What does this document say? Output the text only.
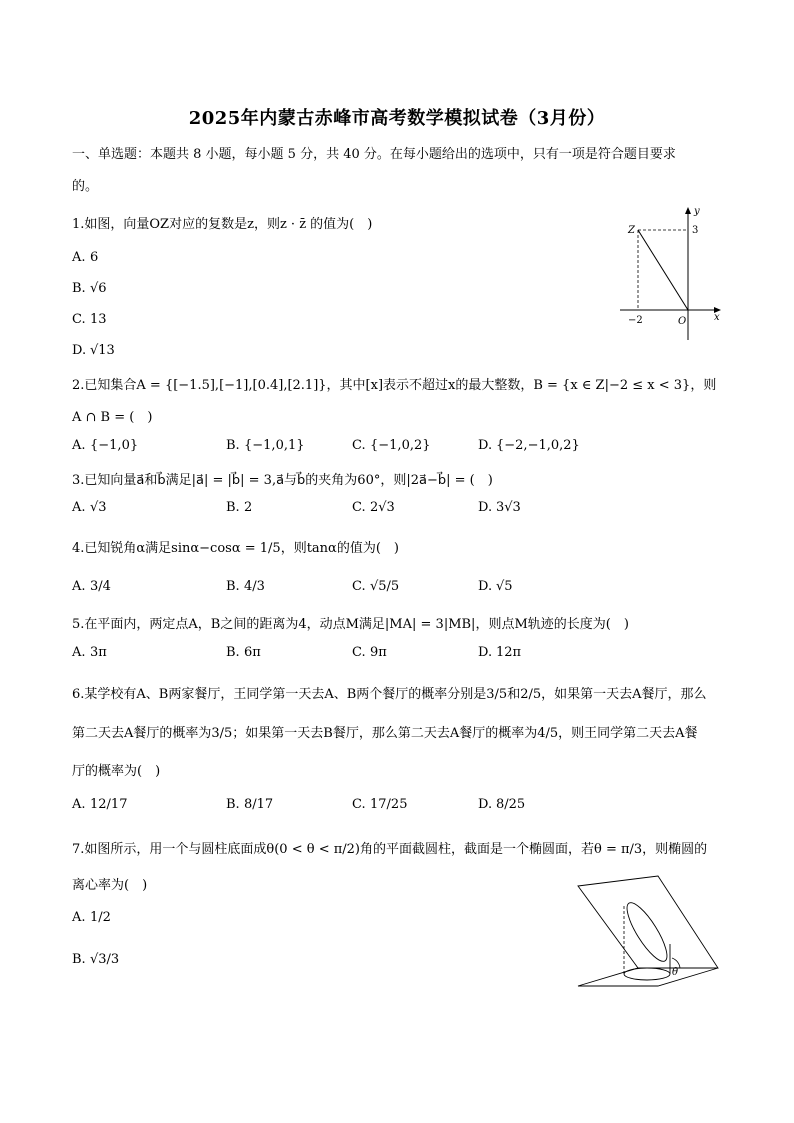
2025年内蒙古赤峰市高考数学模拟试卷（3月份）
一、单选题：本题共 8 小题，每小题 5 分，共 40 分。在每小题给出的选项中，只有一项是符合题目要求
的。
1.如图，向量OZ对应的复数是z，则z · z̄ 的值为(　)
A. 6
B. √6
C. 13
D. √13
y
Z	3
−2	O	x
2.已知集合A = {[−1.5],[−1],[0.4],[2.1]}，其中[x]表示不超过x的最大整数，B = {x ∈ Z|−2 ≤ x < 3}，则
A ∩ B = (　)
A. {−1,0}	B. {−1,0,1}	C. {−1,0,2}	D. {−2,−1,0,2}
3.已知向量a⃗和b⃗满足|a⃗| = |b⃗| = 3,a⃗与b⃗的夹角为60°，则|2a⃗−b⃗| = (　)
A. √3	B. 2	C. 2√3	D. 3√3
4.已知锐角α满足sinα−cosα = 1/5，则tanα的值为(　)
A. 3/4	B. 4/3	C. √5/5	D. √5
5.在平面内，两定点A，B之间的距离为4，动点M满足|MA| = 3|MB|，则点M轨迹的长度为(　)
A. 3π	B. 6π	C. 9π	D. 12π
6.某学校有A、B两家餐厅，王同学第一天去A、B两个餐厅的概率分别是3/5和2/5，如果第一天去A餐厅，那么
第二天去A餐厅的概率为3/5；如果第一天去B餐厅，那么第二天去A餐厅的概率为4/5，则王同学第二天去A餐
厅的概率为(　)
A. 12/17	B. 8/17	C. 17/25	D. 8/25
7.如图所示，用一个与圆柱底面成θ(0 < θ < π/2)角的平面截圆柱，截面是一个椭圆面，若θ = π/3，则椭圆的
离心率为(　)
A. 1/2
B. √3/3
θ
